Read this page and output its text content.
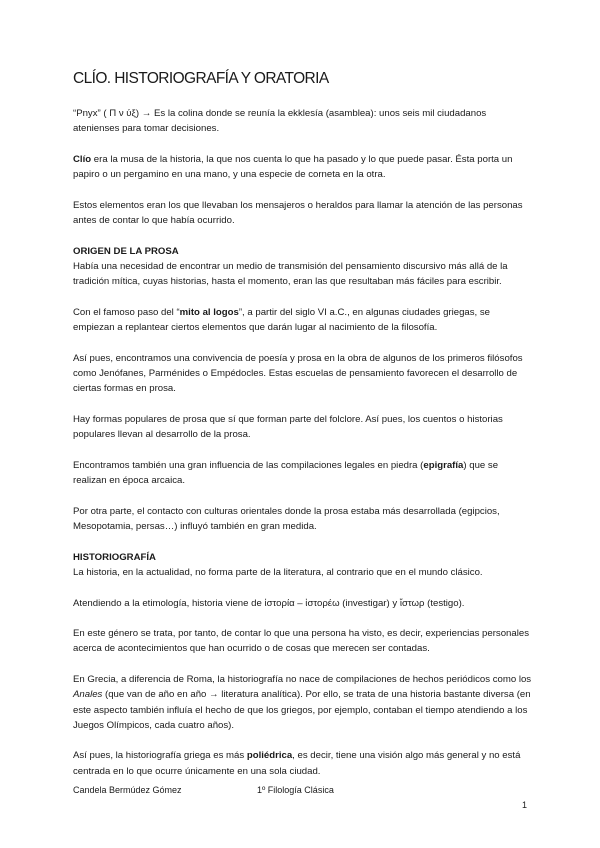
CLÍO. HISTORIOGRAFÍA Y ORATORIA

“Pnyx” ( Π ν ύξ) → Es la colina donde se reunía la ekklesía (asamblea): unos seis mil ciudadanos atenienses para tomar decisiones.

Clío era la musa de la historia, la que nos cuenta lo que ha pasado y lo que puede pasar. Ésta porta un papiro o un pergamino en una mano, y una especie de corneta en la otra.

Estos elementos eran los que llevaban los mensajeros o heraldos para llamar la atención de las personas antes de contar lo que había ocurrido.

ORIGEN DE LA PROSA

Había una necesidad de encontrar un medio de transmisión del pensamiento discursivo más allá de la tradición mítica, cuyas historias, hasta el momento, eran las que resultaban más fáciles para escribir.

Con el famoso paso del “mito al logos”, a partir del siglo VI a.C., en algunas ciudades griegas, se empiezan a replantear ciertos elementos que darán lugar al nacimiento de la filosofía.

Así pues, encontramos una convivencia de poesía y prosa en la obra de algunos de los primeros filósofos como Jenófanes, Parménides o Empédocles. Estas escuelas de pensamiento favorecen el desarrollo de ciertas formas en prosa.

Hay formas populares de prosa que sí que forman parte del folclore. Así pues, los cuentos o historias populares llevan al desarrollo de la prosa.

Encontramos también una gran influencia de las compilaciones legales en piedra (epigrafía) que se realizan en época arcaica.

Por otra parte, el contacto con culturas orientales donde la prosa estaba más desarrollada (egipcios, Mesopotamia, persas…) influyó también en gran medida.

HISTORIOGRAFÍA

La historia, en la actualidad, no forma parte de la literatura, al contrario que en el mundo clásico.

Atendiendo a la etimología, historia viene de ἱστορία – ἱστορέω (investigar) y ἵστωρ (testigo).

En este género se trata, por tanto, de contar lo que una persona ha visto, es decir, experiencias personales acerca de acontecimientos que han ocurrido o de cosas que merecen ser contadas.

En Grecia, a diferencia de Roma, la historiografía no nace de compilaciones de hechos periódicos como los Anales (que van de año en año → literatura analítica). Por ello, se trata de una historia bastante diversa (en este aspecto también influía el hecho de que los griegos, por ejemplo, contaban el tiempo atendiendo a los Juegos Olímpicos, cada cuatro años).

Así pues, la historiografía griega es más poliédrica, es decir, tiene una visión algo más general y no está centrada en lo que ocurre únicamente en una sola ciudad.

Candela Bermúdez Gómez	1º Filología Clásica
1
